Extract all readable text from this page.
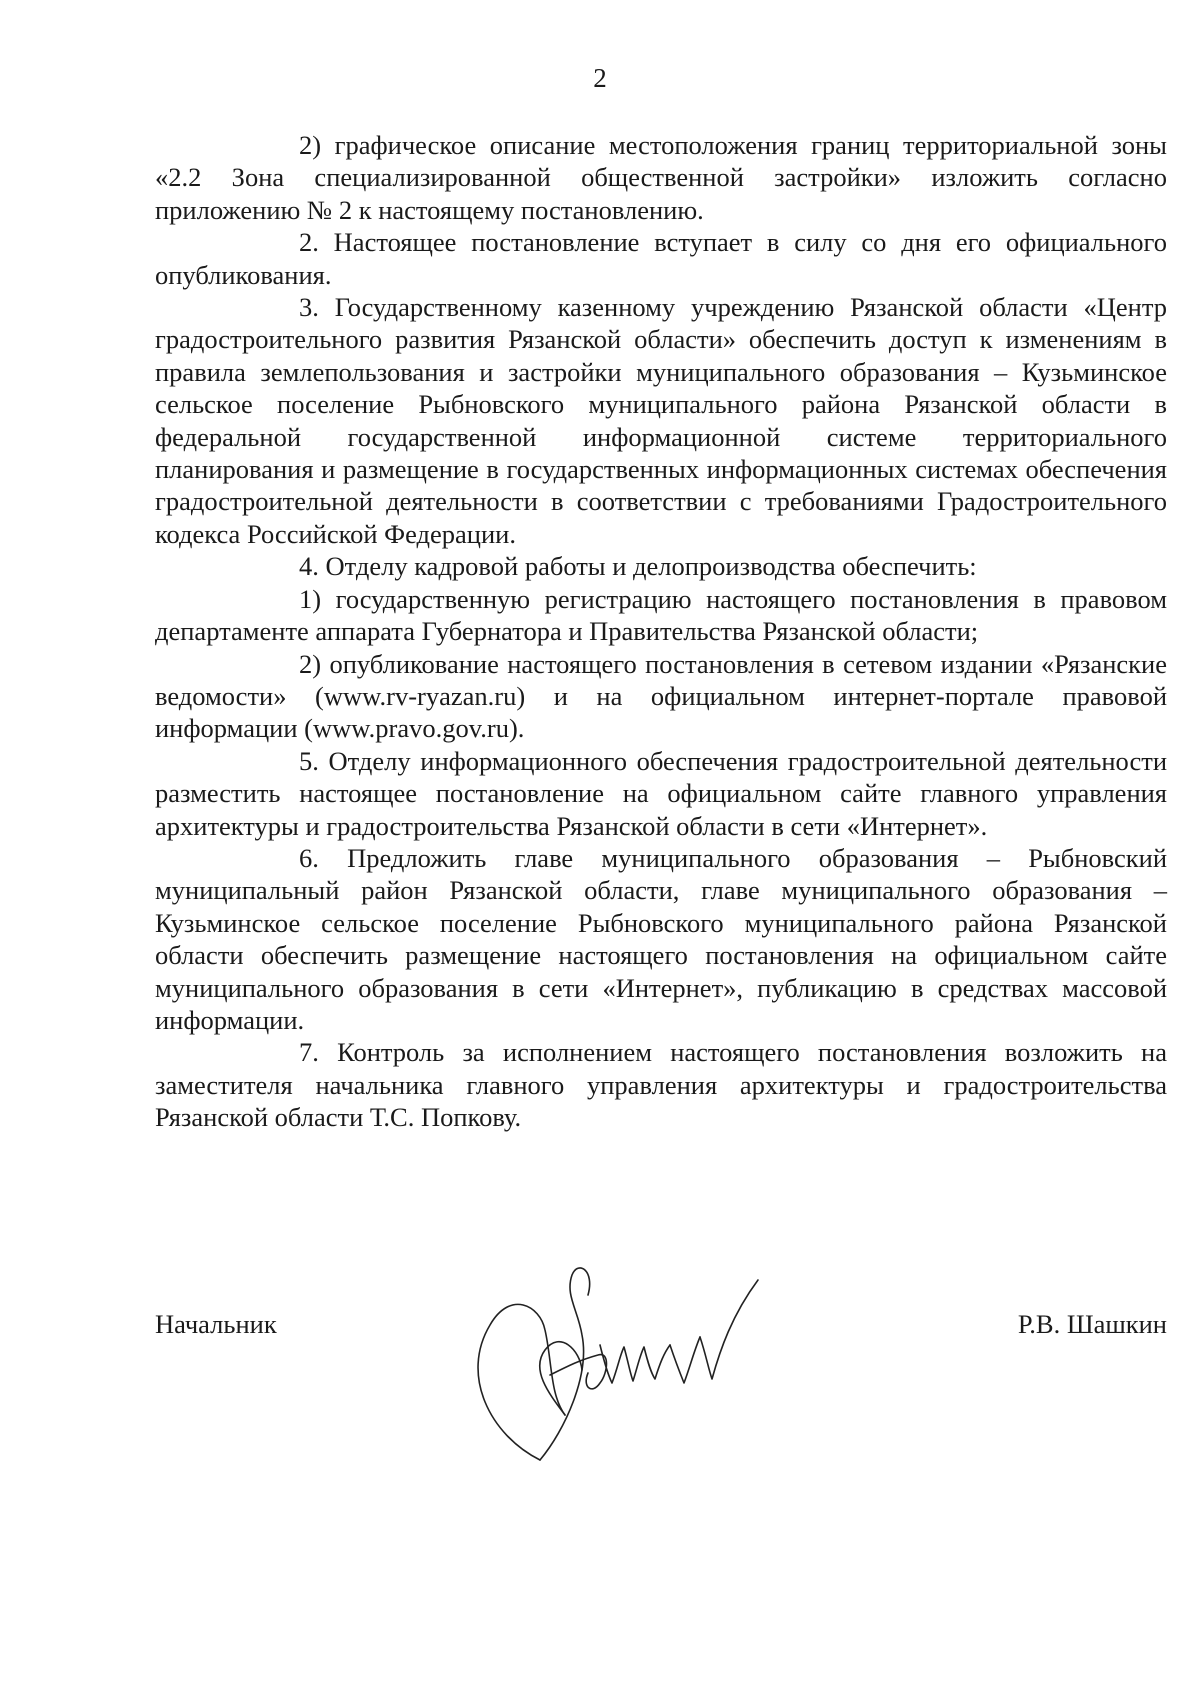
2

2) графическое описание местоположения границ территориальной зоны «2.2 Зона специализированной общественной застройки» изложить согласно приложению № 2 к настоящему постановлению.

2. Настоящее постановление вступает в силу со дня его официального опубликования.

3. Государственному казенному учреждению Рязанской области «Центр градостроительного развития Рязанской области» обеспечить доступ к изменениям в правила землепользования и застройки муниципального образования – Кузьминское сельское поселение Рыбновского муниципального района Рязанской области в федеральной государственной информационной системе территориального планирования и размещение в государственных информационных системах обеспечения градостроительной деятельности в соответствии с требованиями Градостроительного кодекса Российской Федерации.

4. Отделу кадровой работы и делопроизводства обеспечить:

1) государственную регистрацию настоящего постановления в правовом департаменте аппарата Губернатора и Правительства Рязанской области;

2) опубликование настоящего постановления в сетевом издании «Рязанские ведомости» (www.rv-ryazan.ru) и на официальном интернет-портале правовой информации (www.pravo.gov.ru).

5. Отделу информационного обеспечения градостроительной деятельности разместить настоящее постановление на официальном сайте главного управления архитектуры и градостроительства Рязанской области в сети «Интернет».

6. Предложить главе муниципального образования – Рыбновский муниципальный район Рязанской области, главе муниципального образования – Кузьминское сельское поселение Рыбновского муниципального района Рязанской области обеспечить размещение настоящего постановления на официальном сайте муниципального образования в сети «Интернет», публикацию в средствах массовой информации.

7. Контроль за исполнением настоящего постановления возложить на заместителя начальника главного управления архитектуры и градостроительства Рязанской области Т.С. Попкову.

Начальник	Р.В. Шашкин
